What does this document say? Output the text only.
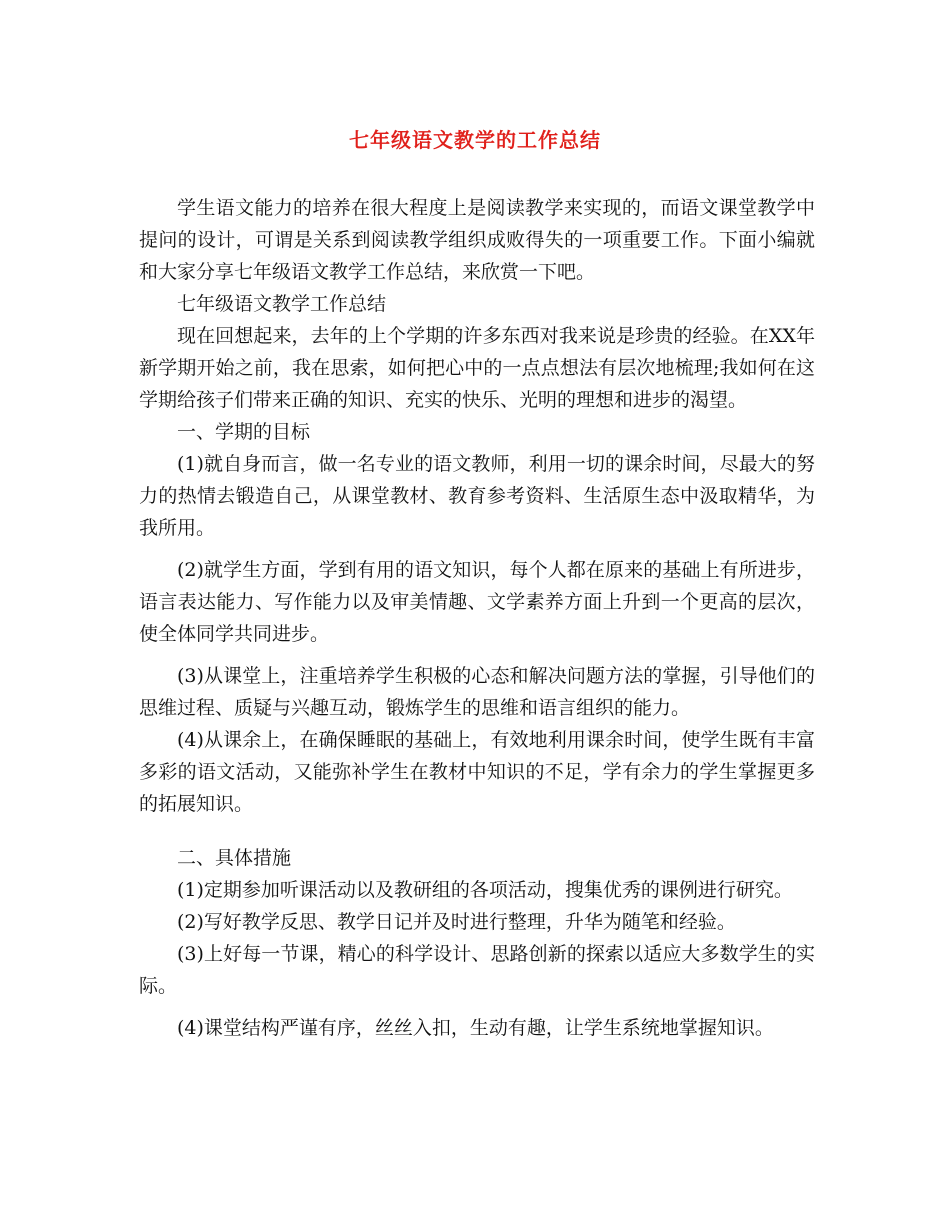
七年级语文教学的工作总结

学生语文能力的培养在很大程度上是阅读教学来实现的，而语文课堂教学中提问的设计，可谓是关系到阅读教学组织成败得失的一项重要工作。下面小编就和大家分享七年级语文教学工作总结，来欣赏一下吧。

七年级语文教学工作总结

现在回想起来，去年的上个学期的许多东西对我来说是珍贵的经验。在XX年新学期开始之前，我在思索，如何把心中的一点点想法有层次地梳理;我如何在这学期给孩子们带来正确的知识、充实的快乐、光明的理想和进步的渴望。

一、学期的目标

(1)就自身而言，做一名专业的语文教师，利用一切的课余时间，尽最大的努力的热情去锻造自己，从课堂教材、教育参考资料、生活原生态中汲取精华，为我所用。

(2)就学生方面，学到有用的语文知识，每个人都在原来的基础上有所进步，语言表达能力、写作能力以及审美情趣、文学素养方面上升到一个更高的层次，使全体同学共同进步。

(3)从课堂上，注重培养学生积极的心态和解决问题方法的掌握，引导他们的思维过程、质疑与兴趣互动，锻炼学生的思维和语言组织的能力。

(4)从课余上，在确保睡眠的基础上，有效地利用课余时间，使学生既有丰富多彩的语文活动，又能弥补学生在教材中知识的不足，学有余力的学生掌握更多的拓展知识。

二、具体措施

(1)定期参加听课活动以及教研组的各项活动，搜集优秀的课例进行研究。

(2)写好教学反思、教学日记并及时进行整理，升华为随笔和经验。

(3)上好每一节课，精心的科学设计、思路创新的探索以适应大多数学生的实际。

(4)课堂结构严谨有序，丝丝入扣，生动有趣，让学生系统地掌握知识。
